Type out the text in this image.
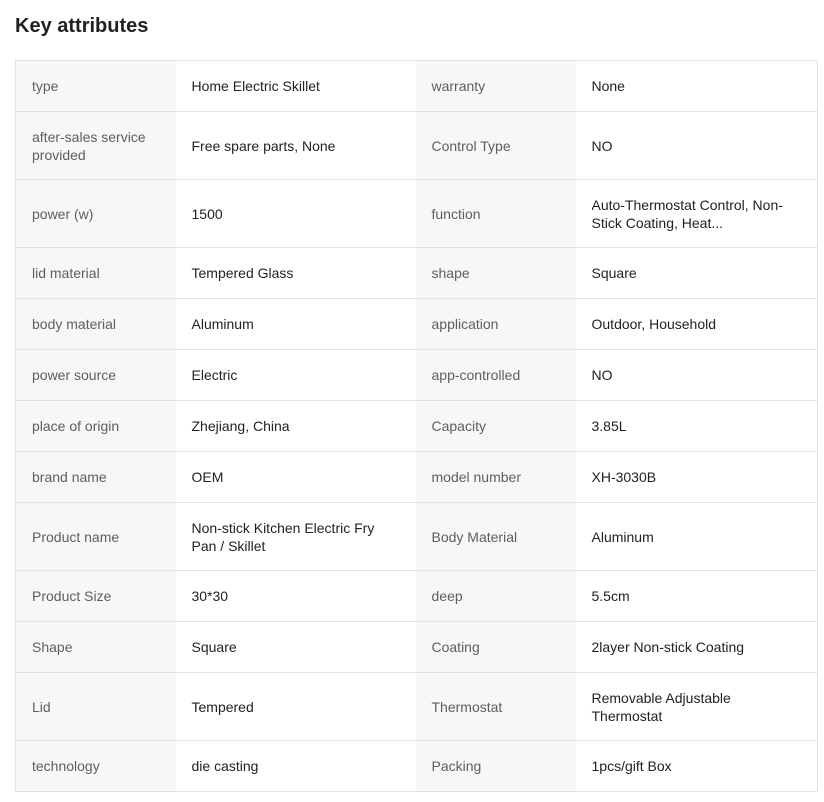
Key attributes
type	Home Electric Skillet	warranty	None
after-sales service provided	Free spare parts, None	Control Type	NO
power (w)	1500	function	Auto-Thermostat Control, Non-Stick Coating, Heat...

lid material	Tempered Glass	shape	Square
body material	Aluminum	application	Outdoor, Household
power source	Electric	app-controlled	NO
place of origin	Zhejiang, China	Capacity	3.85L
brand name	OEM	model number	XH-3030B
Product name	Non-stick Kitchen Electric Fry Pan / Skillet	Body Material	Aluminum
Product Size	30*30	deep	5.5cm
Shape	Square	Coating	2layer Non-stick Coating
Lid	Tempered	Thermostat	Removable Adjustable Thermostat
technology	die casting	Packing	1pcs/gift Box
